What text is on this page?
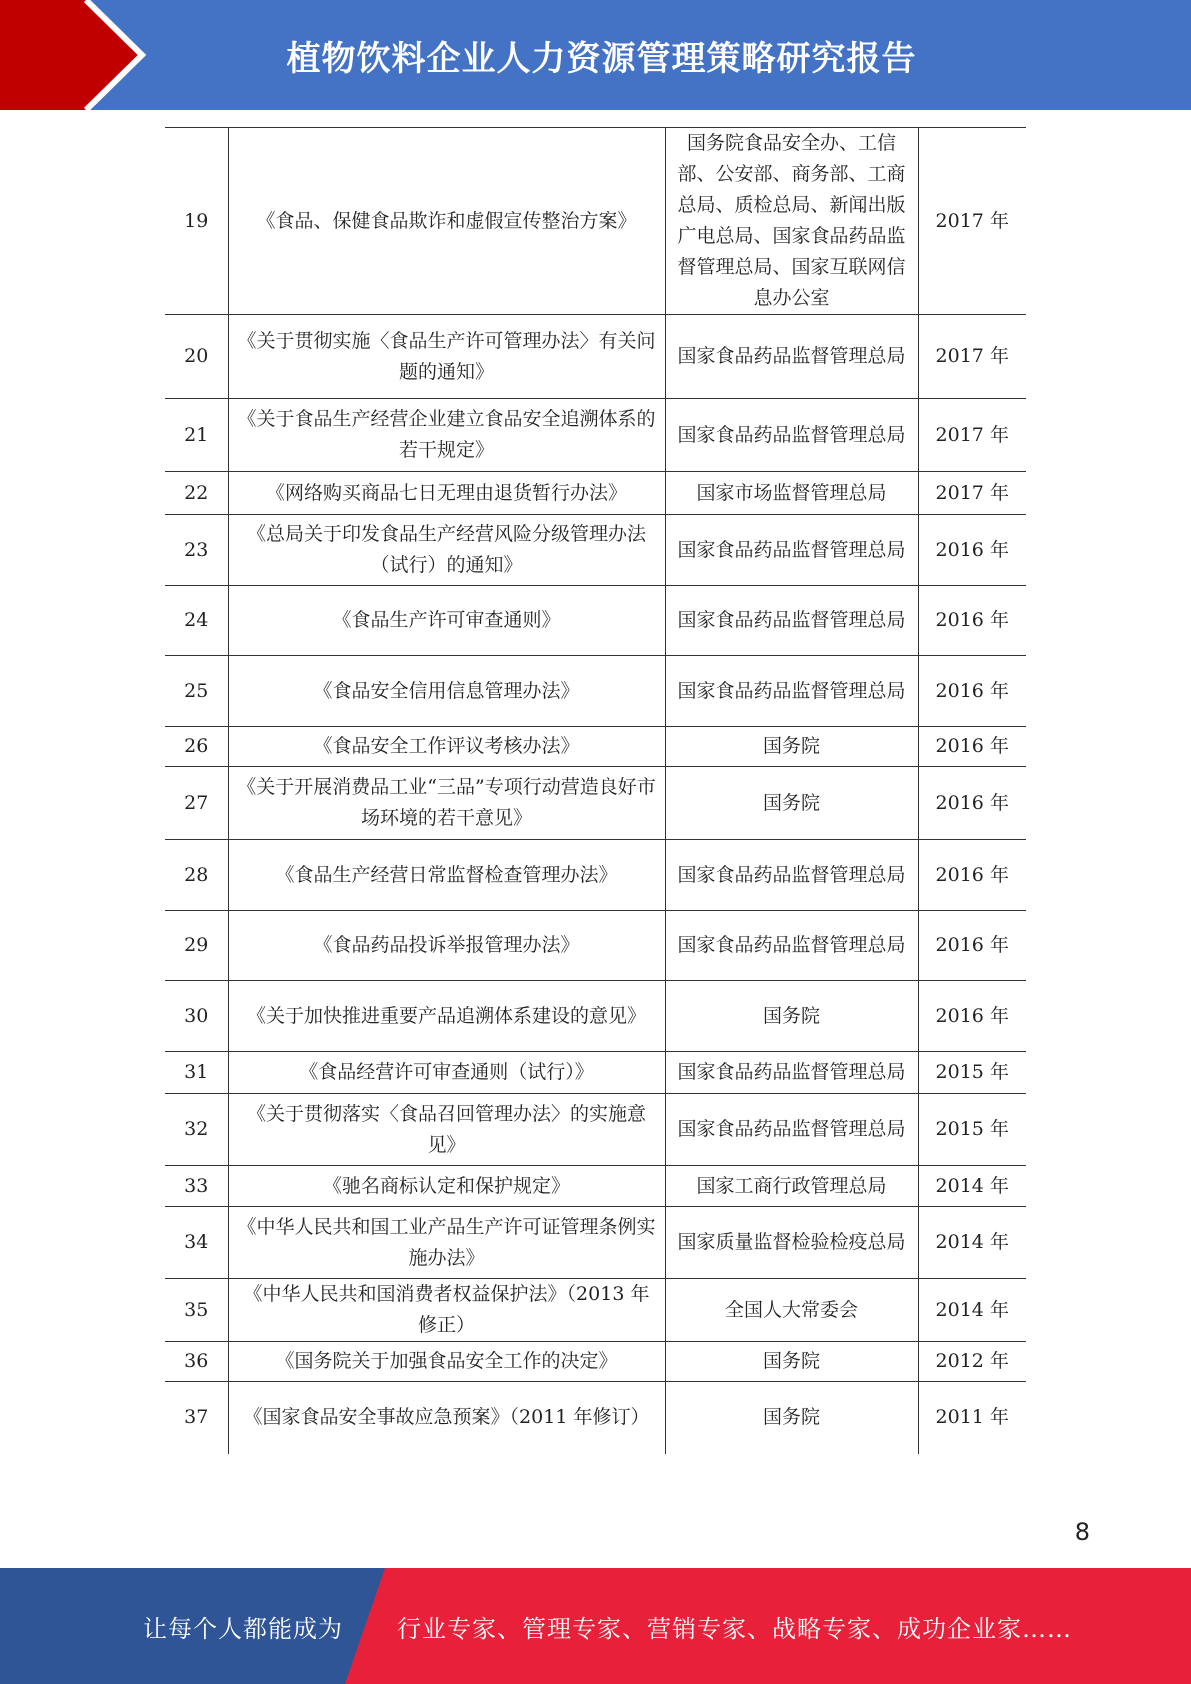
植物饮料企业人力资源管理策略研究报告
19	《食品、保健食品欺诈和虚假宣传整治方案》	国务院食品安全办、工信部、公安部、商务部、工商总局、质检总局、新闻出版广电总局、国家食品药品监督管理总局、国家互联网信息办公室	2017 年
20	《关于贯彻实施〈食品生产许可管理办法〉有关问题的通知》	国家食品药品监督管理总局	2017 年
21	《关于食品生产经营企业建立食品安全追溯体系的若干规定》	国家食品药品监督管理总局	2017 年
22	《网络购买商品七日无理由退货暂行办法》	国家市场监督管理总局	2017 年
23	《总局关于印发食品生产经营风险分级管理办法（试行）的通知》	国家食品药品监督管理总局	2016 年
24	《食品生产许可审查通则》	国家食品药品监督管理总局	2016 年
25	《食品安全信用信息管理办法》	国家食品药品监督管理总局	2016 年
26	《食品安全工作评议考核办法》	国务院	2016 年
27	《关于开展消费品工业“三品”专项行动营造良好市场环境的若干意见》	国务院	2016 年
28	《食品生产经营日常监督检查管理办法》	国家食品药品监督管理总局	2016 年
29	《食品药品投诉举报管理办法》	国家食品药品监督管理总局	2016 年
30	《关于加快推进重要产品追溯体系建设的意见》	国务院	2016 年
31	《食品经营许可审查通则（试行）》	国家食品药品监督管理总局	2015 年
32	《关于贯彻落实〈食品召回管理办法〉的实施意见》	国家食品药品监督管理总局	2015 年
33	《驰名商标认定和保护规定》	国家工商行政管理总局	2014 年
34	《中华人民共和国工业产品生产许可证管理条例实施办法》	国家质量监督检验检疫总局	2014 年
35	《中华人民共和国消费者权益保护法》（2013 年修正）	全国人大常委会	2014 年
36	《国务院关于加强食品安全工作的决定》	国务院	2012 年
37	《国家食品安全事故应急预案》（2011 年修订）	国务院	2011 年
8
让每个人都能成为 行业专家、管理专家、营销专家、战略专家、成功企业家……
